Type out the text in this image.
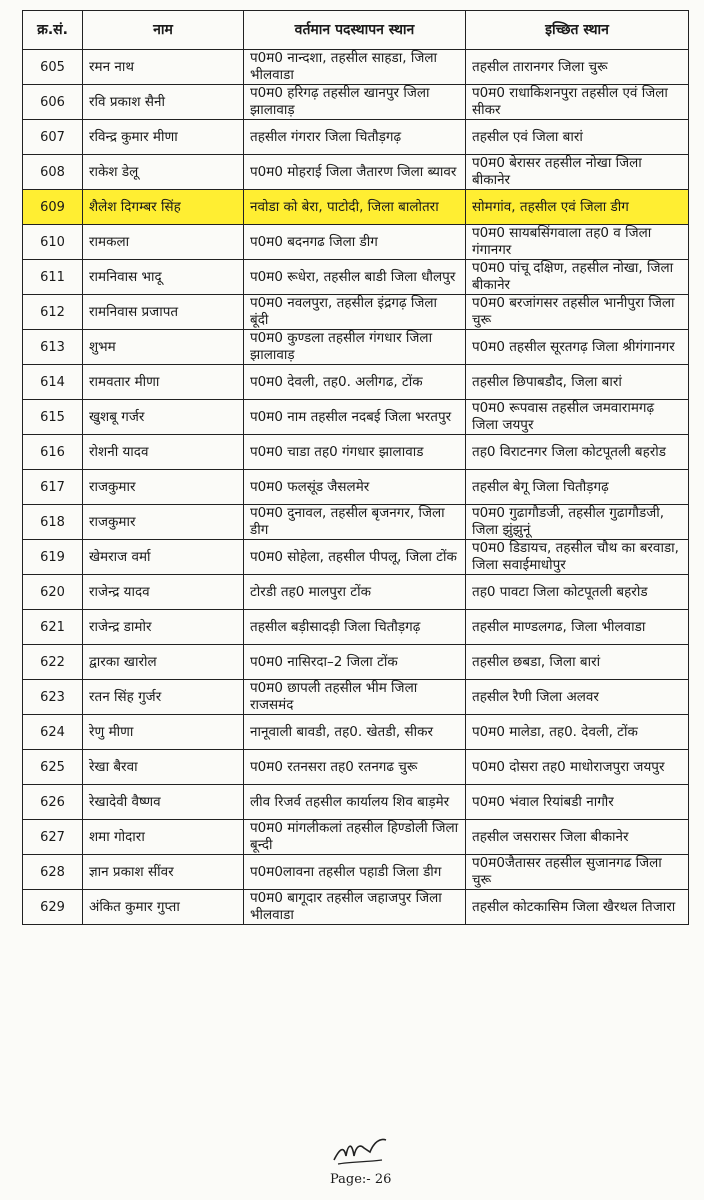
क्र.सं.	नाम	वर्तमान पदस्थापन स्थान	इच्छित स्थान
605	रमन नाथ	प0म0 नान्दशा, तहसील साहडा, जिला भीलवाडा	तहसील तारानगर जिला चुरू
606	रवि प्रकाश सैनी	प0म0 हरिगढ़ तहसील खानपुर जिला झालावाड़	प0म0 राधाकिशनपुरा तहसील एवं जिला सीकर
607	रविन्द्र कुमार मीणा	तहसील गंगरार जिला चितौड़गढ़	तहसील एवं जिला बारां
608	राकेश डेलू	प0म0 मोहराई जिला जैतारण जिला ब्यावर	प0म0 बेरासर तहसील नोखा जिला बीकानेर
609	शैलेश दिगम्बर सिंह	नवोडा को बेरा, पाटोदी, जिला बालोतरा	सोमगांव, तहसील एवं जिला डीग
610	रामकला	प0म0 बदनगढ जिला डीग	प0म0 सायबसिंगवाला तह0 व जिला गंगानगर
611	रामनिवास भादू	प0म0 रूधेरा, तहसील बाडी जिला धौलपुर	प0म0 पांचू दक्षिण, तहसील नोखा, जिला बीकानेर
612	रामनिवास प्रजापत	प0म0 नवलपुरा, तहसील इंद्रगढ़ जिला बूंदी	प0म0 बरजांगसर तहसील भानीपुरा जिला चुरू
613	शुभम	प0म0 कुण्डला तहसील गंगधार जिला झालावाड़	प0म0 तहसील सूरतगढ़ जिला श्रीगंगानगर
614	रामवतार मीणा	प0म0 देवली, तह0. अलीगढ, टोंक	तहसील छिपाबडौद, जिला बारां
615	खुशबू गर्जर	प0म0 नाम तहसील नदबई जिला भरतपुर	प0म0 रूपवास तहसील जमवारामगढ़ जिला जयपुर
616	रोशनी यादव	प0म0 चाडा तह0 गंगधार झालावाड	तह0 विराटनगर जिला कोटपूतली बहरोड
617	राजकुमार	प0म0 फलसूंड जैसलमेर	तहसील बेगू जिला चितौड़गढ़
618	राजकुमार	प0म0 दुनावल, तहसील बृजनगर, जिला डीग	प0म0 गुढागौडजी, तहसील गुढागौडजी, जिला झुंझुनूं
619	खेमराज वर्मा	प0म0 सोहेला, तहसील पीपलू, जिला टोंक	प0म0 डिडायच, तहसील चौथ का बरवाडा, जिला सवाईमाधोपुर
620	राजेन्द्र यादव	टोरडी तह0 मालपुरा टोंक	तह0 पावटा जिला कोटपूतली बहरोड
621	राजेन्द्र डामोर	तहसील बड़ीसादड़ी जिला चितौड़गढ़	तहसील माण्डलगढ, जिला भीलवाडा
622	द्वारका खारोल	प0म0 नासिरदा–2 जिला टोंक	तहसील छबडा, जिला बारां
623	रतन सिंह गुर्जर	प0म0 छापली तहसील भीम जिला राजसमंद	तहसील रैणी जिला अलवर
624	रेणु मीणा	नानूवाली बावडी, तह0. खेतडी, सीकर	प0म0 मालेडा, तह0. देवली, टोंक
625	रेखा बैरवा	प0म0 रतनसरा तह0 रतनगढ चुरू	प0म0 दोसरा तह0 माधोराजपुरा जयपुर
626	रेखादेवी वैष्णव	लीव रिजर्व तहसील कार्यालय शिव बाड़मेर	प0म0 भंवाल रियांबडी नागौर
627	शमा गोदारा	प0म0 मांगलीकलां तहसील हिण्डोली जिला बून्दी	तहसील जसरासर जिला बीकानेर
628	ज्ञान प्रकाश सींवर	प0म0लावना तहसील पहाडी जिला डीग	प0म0जैतासर तहसील सुजानगढ जिला चुरू
629	अंकित कुमार गुप्ता	प0म0 बागूदार तहसील जहाजपुर जिला भीलवाडा	तहसील कोटकासिम जिला खैरथल तिजारा
Page:- 26
